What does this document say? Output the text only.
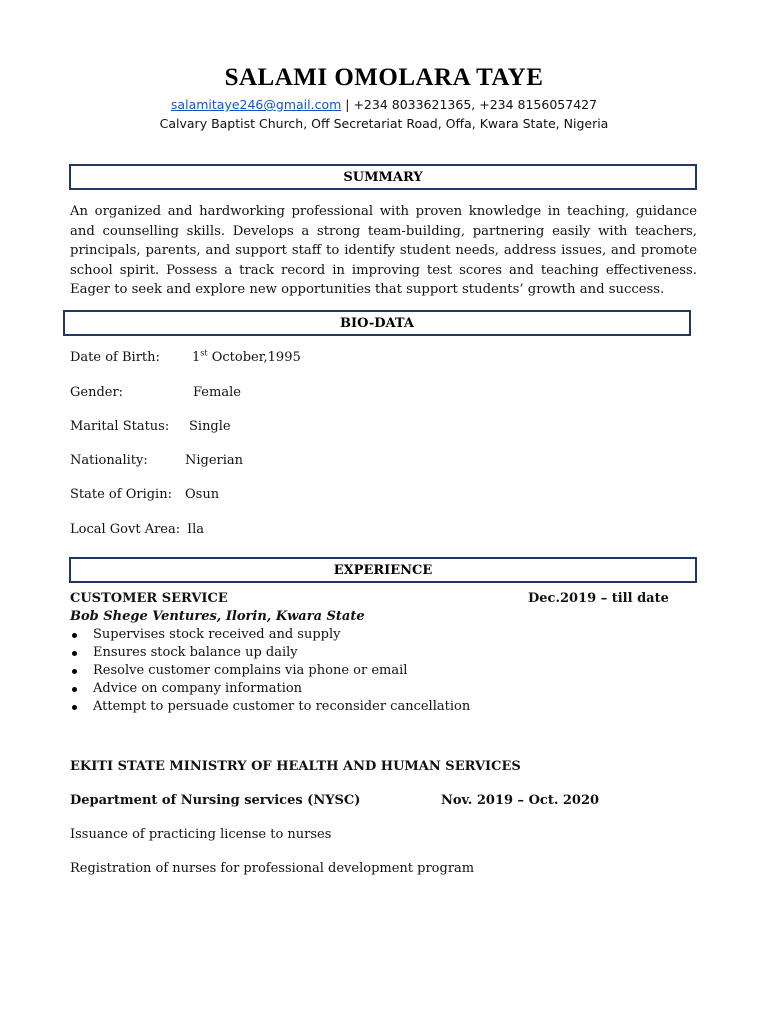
SALAMI OMOLARA TAYE
salamitaye246@gmail.com | +234 8033621365, +234 8156057427
Calvary Baptist Church, Off Secretariat Road, Offa, Kwara State, Nigeria
SUMMARY
An organized and hardworking professional with proven knowledge in teaching, guidance and counselling skills. Develops a strong team-building, partnering easily with teachers, principals, parents, and support staff to identify student needs, address issues, and promote school spirit. Possess a track record in improving test scores and teaching effectiveness. Eager to seek and explore new opportunities that support students’ growth and success.
BIO-DATA
Date of Birth: 1st October,1995
Gender:	Female
Marital Status: Single
Nationality:	Nigerian
State of Origin: Osun
Local Govt Area: Ila
EXPERIENCE
CUSTOMER SERVICE	Dec.2019 – till date
Bob Shege Ventures, Ilorin, Kwara State
Supervises stock received and supply
Ensures stock balance up daily
Resolve customer complains via phone or email
Advice on company information
Attempt to persuade customer to reconsider cancellation
EKITI STATE MINISTRY OF HEALTH AND HUMAN SERVICES
Department of Nursing services (NYSC)	Nov. 2019 – Oct. 2020
Issuance of practicing license to nurses
Registration of nurses for professional development program
